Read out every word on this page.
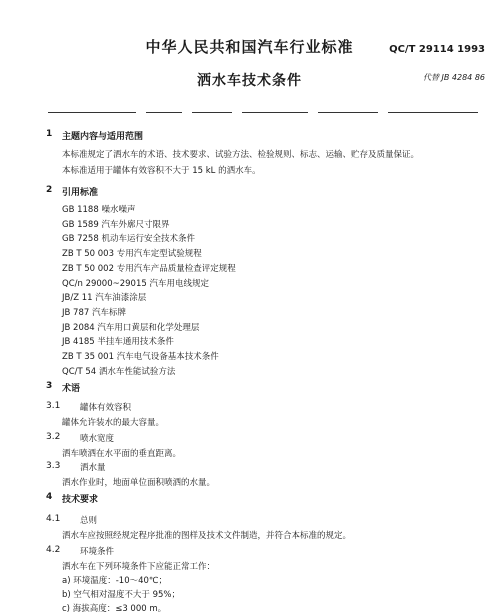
中华人民共和国汽车行业标准	QC/T 29114 1993
洒水车技术条件	代替 JB 4284 86
1 主题内容与适用范围
本标准规定了洒水车的术语、技术要求、试验方法、检验规则、标志、运输、贮存及质量保证。
本标准适用于罐体有效容积不大于 15 kL 的洒水车。
2 引用标准
GB 1188 噪水噪声
GB 1589 汽车外廓尺寸限界
GB 7258 机动车运行安全技术条件
ZB T 50 003 专用汽车定型试验规程
ZB T 50 002 专用汽车产品质量检查评定规程
QC/n 29000~29015 汽车用电线规定
JB/Z 11 汽车油漆涂层
JB 787 汽车标牌
JB 2084 汽车用口黄层和化学处理层
JB 4185 半挂车通用技术条件
ZB T 35 001 汽车电气设备基本技术条件
QC/T 54 洒水车性能试验方法
3 术语
3.1 罐体有效容积
罐体允许装水的最大容量。
3.2 喷水宽度
洒车喷洒在水平面的垂直距离。
3.3 洒水量
洒水作业时，地面单位面积喷洒的水量。
4 技术要求
4.1 总则
洒水车应按照经规定程序批准的图样及技术文件制造，并符合本标准的规定。
4.2 环境条件
洒水车在下列环境条件下应能正常工作：
a) 环境温度：-10～40℃；
b) 空气相对湿度不大于 95%；
c) 海拔高度：≤3 000 m。
